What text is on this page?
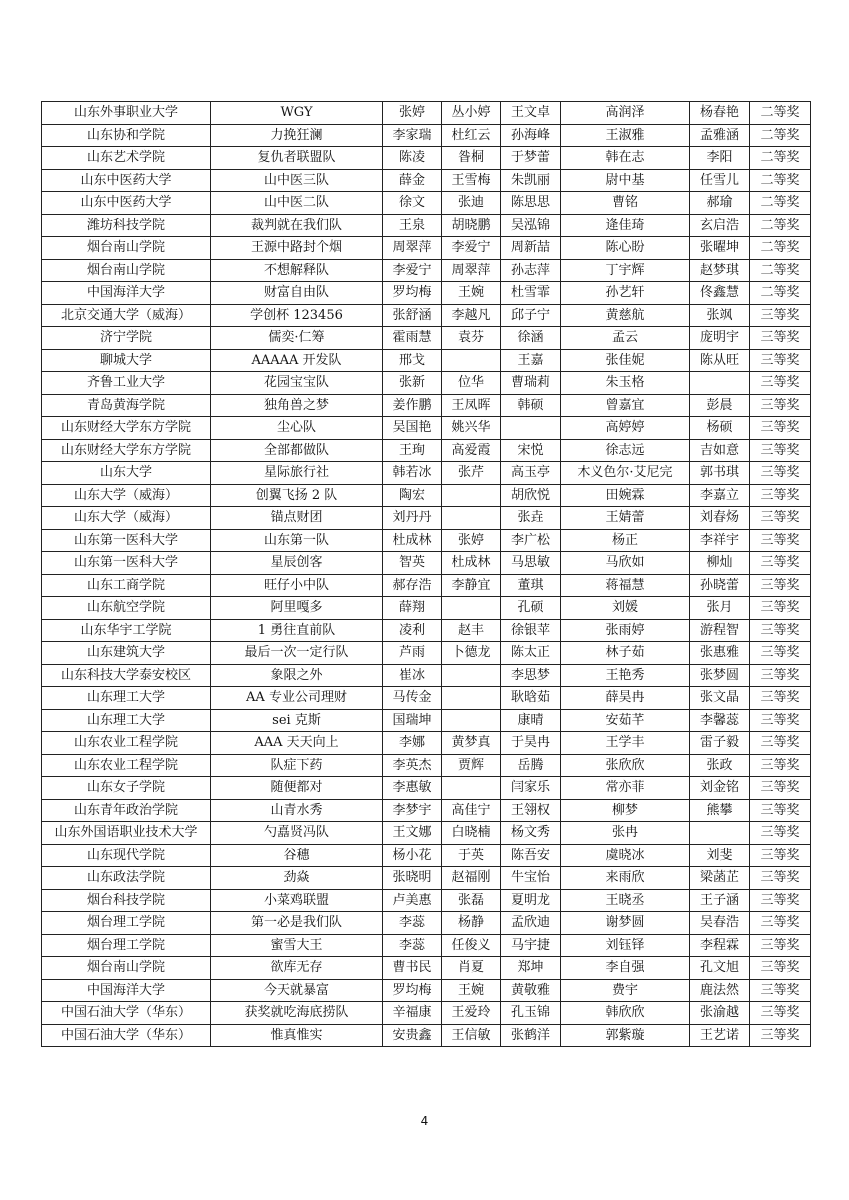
山东外事职业大学	WGY	张婷	丛小婷	王文卓	高润泽	杨春艳	二等奖
山东协和学院	力挽狂澜	李家瑞	杜红云	孙海峰	王淑雅	孟雅涵	二等奖
山东艺术学院	复仇者联盟队	陈凌	昝桐	于梦蕾	韩在志	李阳	二等奖
山东中医药大学	山中医三队	薛金	王雪梅	朱凯丽	尉中基	任雪儿	二等奖
山东中医药大学	山中医二队	徐文	张迪	陈思思	曹铭	郝瑜	二等奖
潍坊科技学院	裁判就在我们队	王泉	胡晓鹏	吴泓锦	逄佳琦	玄启浩	二等奖
烟台南山学院	王源中路封个烟	周翠萍	李爱宁	周新喆	陈心盼	张曜坤	二等奖
烟台南山学院	不想解释队	李爱宁	周翠萍	孙志萍	丁宇辉	赵梦琪	二等奖
中国海洋大学	财富自由队	罗均梅	王婉	杜雪霏	孙艺轩	佟鑫慧	二等奖
北京交通大学（威海）	学创杯 123456	张舒涵	李越凡	邱子宁	黄慈航	张飒	三等奖
济宁学院	儒奕·仁筹	霍雨慧	袁芬	徐涵	孟云	庞明宇	三等奖
聊城大学	AAAAA 开发队	邢戈		王嘉	张佳妮	陈从旺	三等奖
齐鲁工业大学	花园宝宝队	张新	位华	曹瑞莉	朱玉格		三等奖
青岛黄海学院	独角兽之梦	姜作鹏	王凤晖	韩硕	曾嘉宜	彭晨	三等奖
山东财经大学东方学院	尘心队	吴国艳	姚兴华		高婷婷	杨硕	三等奖
山东财经大学东方学院	全部都做队	王珣	高爱霞	宋悦	徐志远	吉如意	三等奖
山东大学	星际旅行社	韩若冰	张芹	高玉亭	木义色尔·艾尼完	郭书琪	三等奖
山东大学（威海）	创翼飞扬 2 队	陶宏		胡欣悦	田婉霖	李嘉立	三等奖
山东大学（威海）	锚点财团	刘丹丹		张垚	王婧蕾	刘春炀	三等奖
山东第一医科大学	山东第一队	杜成林	张婷	李广松	杨正	李祥宇	三等奖
山东第一医科大学	星辰创客	智英	杜成林	马思敏	马欣如	柳灿	三等奖
山东工商学院	旺仔小中队	郝存浩	李静宜	董琪	蒋福慧	孙晓蕾	三等奖
山东航空学院	阿里嘎多	薛翔		孔硕	刘媛	张月	三等奖
山东华宇工学院	1 勇往直前队	凌利	赵丰	徐银苹	张雨婷	游程智	三等奖
山东建筑大学	最后一次一定行队	芦雨	卜德龙	陈太正	林子茹	张惠雅	三等奖
山东科技大学泰安校区	象限之外	崔冰		李思梦	王艳秀	张梦圆	三等奖
山东理工大学	AA 专业公司理财	马传金		耿晗茹	薛昊冉	张文晶	三等奖
山东理工大学	sei 克斯	国瑞坤		康晴	安茹芊	李馨蕊	三等奖
山东农业工程学院	AAA 天天向上	李娜	黄梦真	于昊冉	王学丰	雷子毅	三等奖
山东农业工程学院	队症下药	李英杰	贾辉	岳腾	张欣欣	张政	三等奖
山东女子学院	随便都对	李惠敏		闫家乐	常亦菲	刘金铭	三等奖
山东青年政治学院	山青水秀	李梦宇	高佳宁	王翎权	柳梦	熊攀	三等奖
山东外国语职业技术大学	勺嚞贤冯队	王文娜	白晓楠	杨文秀	张冉		三等奖
山东现代学院	谷穗	杨小花	于英	陈吾安	虞晓冰	刘斐	三等奖
山东政法学院	劲焱	张晓明	赵福刚	牛宝怡	来雨欣	梁菡芷	三等奖
烟台科技学院	小菜鸡联盟	卢美惠	张磊	夏明龙	王晓丞	王子涵	三等奖
烟台理工学院	第一必是我们队	李蕊	杨静	孟欣迪	谢梦圆	吴春浩	三等奖
烟台理工学院	蜜雪大王	李蕊	任俊义	马宇捷	刘钰铎	李程霖	三等奖
烟台南山学院	欲库无存	曹书民	肖夏	郑坤	李自强	孔文旭	三等奖
中国海洋大学	今天就暴富	罗均梅	王婉	黄敬雅	费宇	鹿法然	三等奖
中国石油大学（华东）	获奖就吃海底捞队	辛福康	王爱玲	孔玉锦	韩欣欣	张渝越	三等奖
中国石油大学（华东）	惟真惟实	安贵鑫	王信敏	张鹤洋	郭紫璇	王艺诺	三等奖
4
